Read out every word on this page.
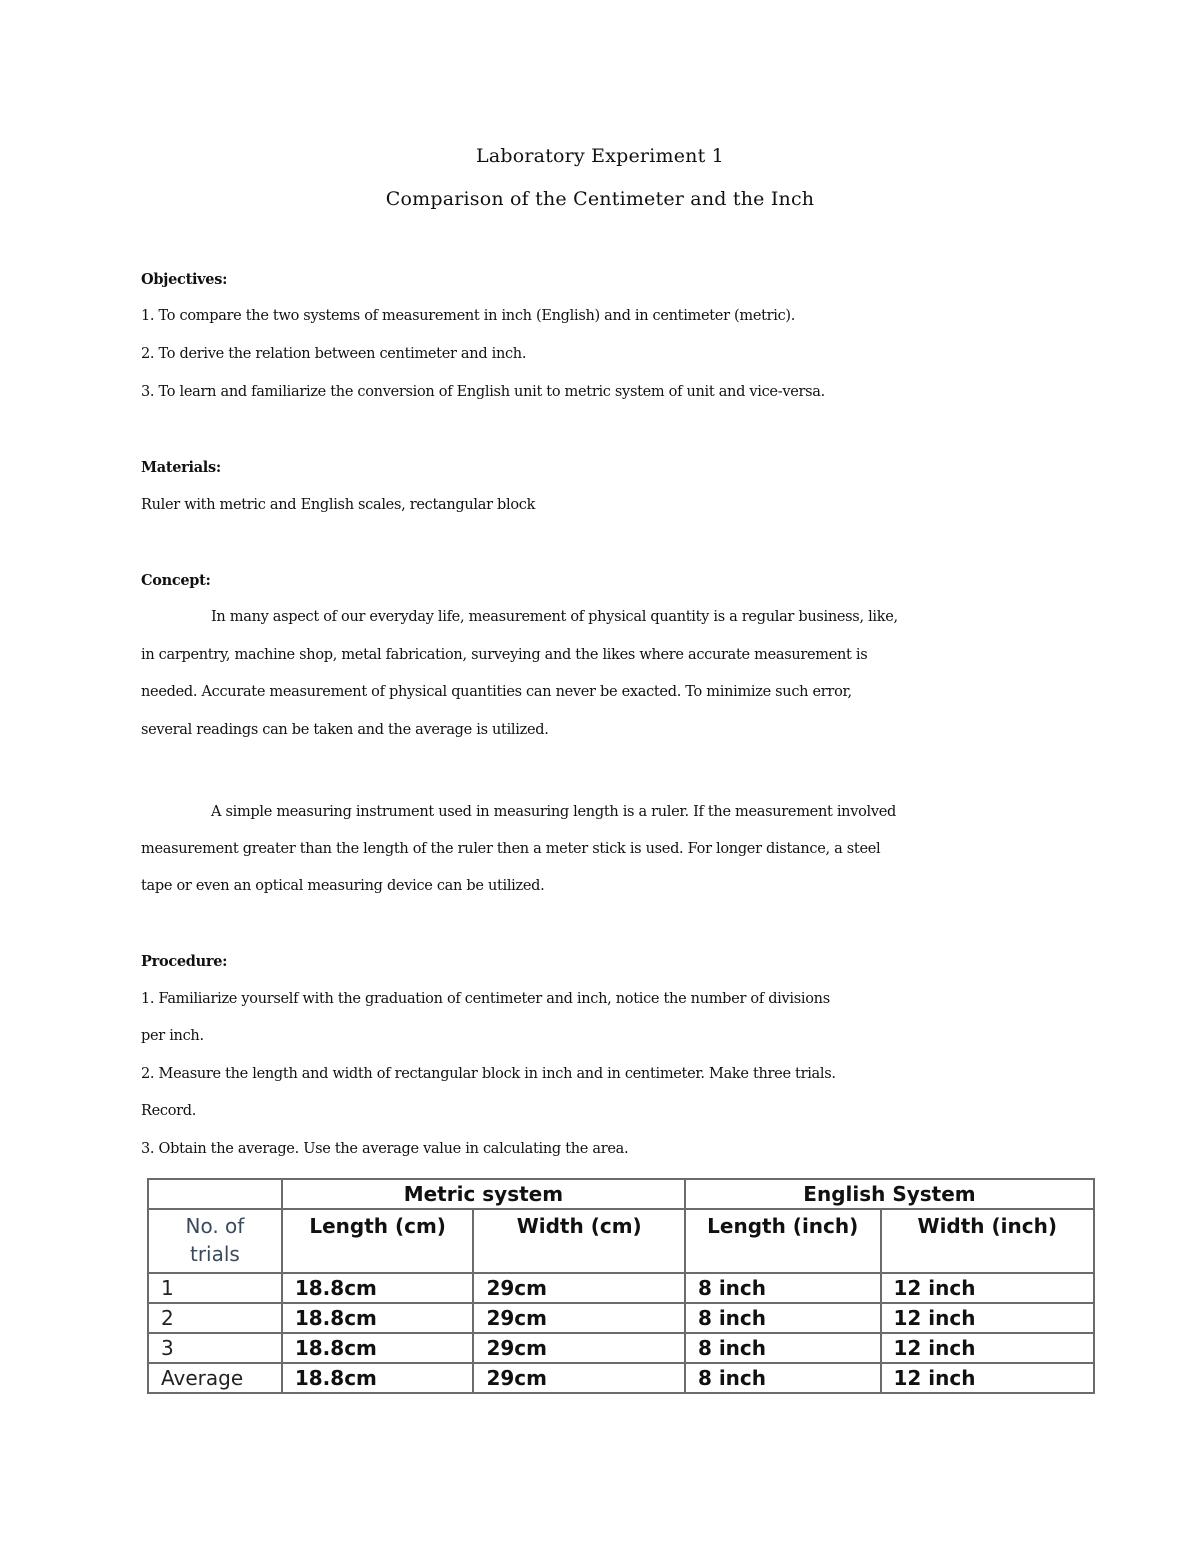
Laboratory Experiment 1
Comparison of the Centimeter and the Inch
Objectives:
1. To compare the two systems of measurement in inch (English) and in centimeter (metric).
2. To derive the relation between centimeter and inch.
3. To learn and familiarize the conversion of English unit to metric system of unit and vice-versa.
Materials:
Ruler with metric and English scales, rectangular block
Concept:
In many aspect of our everyday life, measurement of physical quantity is a regular business, like,
in carpentry, machine shop, metal fabrication, surveying and the likes where accurate measurement is
needed. Accurate measurement of physical quantities can never be exacted. To minimize such error,
several readings can be taken and the average is utilized.
A simple measuring instrument used in measuring length is a ruler. If the measurement involved
measurement greater than the length of the ruler then a meter stick is used. For longer distance, a steel
tape or even an optical measuring device can be utilized.
Procedure:
1. Familiarize yourself with the graduation of centimeter and inch, notice the number of divisions
per inch.
2. Measure the length and width of rectangular block in inch and in centimeter. Make three trials.
Record.
3. Obtain the average. Use the average value in calculating the area.
	Metric system		English System	
No. of
trials	Length (cm)	Width (cm)	Length (inch)	Width (inch)
1	18.8cm	29cm	8 inch	12 inch
2	18.8cm	29cm	8 inch	12 inch
3	18.8cm	29cm	8 inch	12 inch
Average	18.8cm	29cm	8 inch	12 inch
